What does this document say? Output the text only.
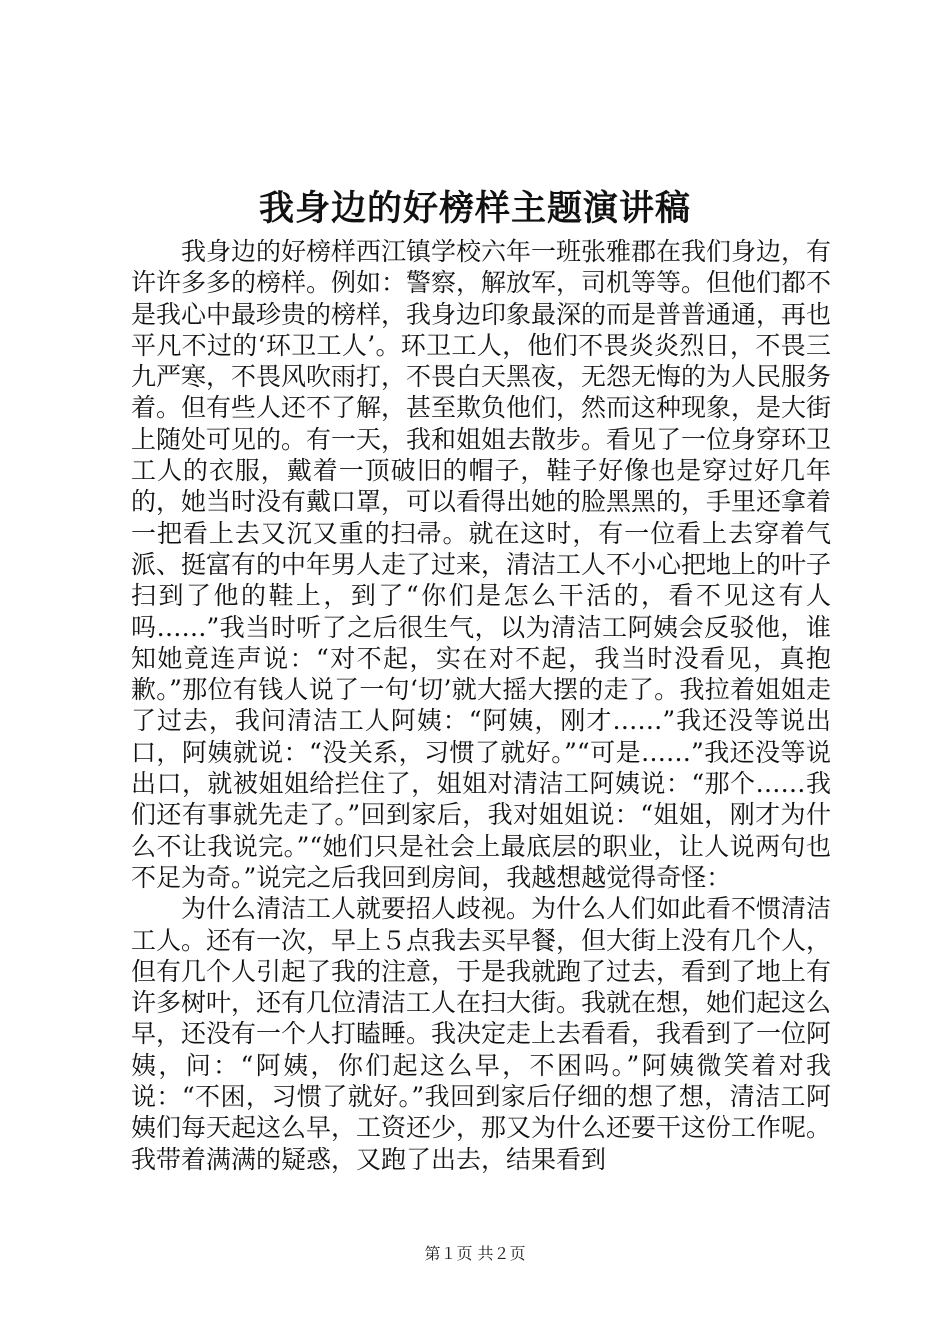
我身边的好榜样主题演讲稿

我身边的好榜样西江镇学校六年一班张雅郡在我们身边，有许许多多的榜样。例如：警察，解放军，司机等等。但他们都不是我心中最珍贵的榜样，我身边印象最深的而是普普通通，再也平凡不过的‘环卫工人’。环卫工人，他们不畏炎炎烈日，不畏三九严寒，不畏风吹雨打，不畏白天黑夜，无怨无悔的为人民服务着。但有些人还不了解，甚至欺负他们，然而这种现象，是大街上随处可见的。有一天，我和姐姐去散步。看见了一位身穿环卫工人的衣服，戴着一顶破旧的帽子，鞋子好像也是穿过好几年的，她当时没有戴口罩，可以看得出她的脸黑黑的，手里还拿着一把看上去又沉又重的扫帚。就在这时，有一位看上去穿着气派、挺富有的中年男人走了过来，清洁工人不小心把地上的叶子扫到了他的鞋上，到了“你们是怎么干活的，看不见这有人吗……”我当时听了之后很生气，以为清洁工阿姨会反驳他，谁知她竟连声说：“对不起，实在对不起，我当时没看见，真抱歉。”那位有钱人说了一句‘切’就大摇大摆的走了。我拉着姐姐走了过去，我问清洁工人阿姨：“阿姨，刚才……”我还没等说出口，阿姨就说：“没关系，习惯了就好。”“可是……”我还没等说出口，就被姐姐给拦住了，姐姐对清洁工阿姨说：“那个……我们还有事就先走了。”回到家后，我对姐姐说：“姐姐，刚才为什么不让我说完。”“她们只是社会上最底层的职业，让人说两句也不足为奇。”说完之后我回到房间，我越想越觉得奇怪：

为什么清洁工人就要招人歧视。为什么人们如此看不惯清洁工人。还有一次，早上５点我去买早餐，但大街上没有几个人，但有几个人引起了我的注意，于是我就跑了过去，看到了地上有许多树叶，还有几位清洁工人在扫大街。我就在想，她们起这么早，还没有一个人打瞌睡。我决定走上去看看，我看到了一位阿姨，问：“阿姨，你们起这么早，不困吗。”阿姨微笑着对我说：“不困，习惯了就好。”我回到家后仔细的想了想，清洁工阿姨们每天起这么早，工资还少，那又为什么还要干这份工作呢。我带着满满的疑惑，又跑了出去，结果看到

第１页 共２页
